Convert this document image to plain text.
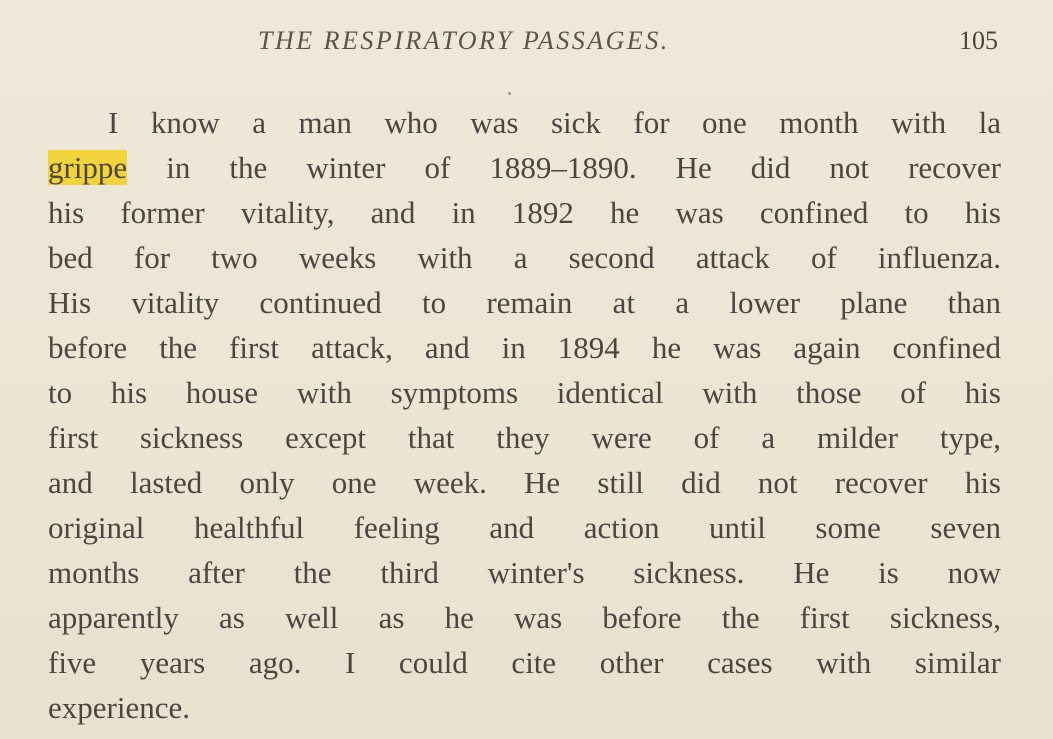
THE RESPIRATORY PASSAGES.	105
I know a man who was sick for one month with la
grippe in the winter of 1889–1890. He did not recover
his former vitality, and in 1892 he was confined to his
bed for two weeks with a second attack of influenza.
His vitality continued to remain at a lower plane than
before the first attack, and in 1894 he was again confined
to his house with symptoms identical with those of his
first sickness except that they were of a milder type,
and lasted only one week. He still did not recover his
original healthful feeling and action until some seven
months after the third winter's sickness. He is now
apparently as well as he was before the first sickness,
five years ago. I could cite other cases with similar
experience.
